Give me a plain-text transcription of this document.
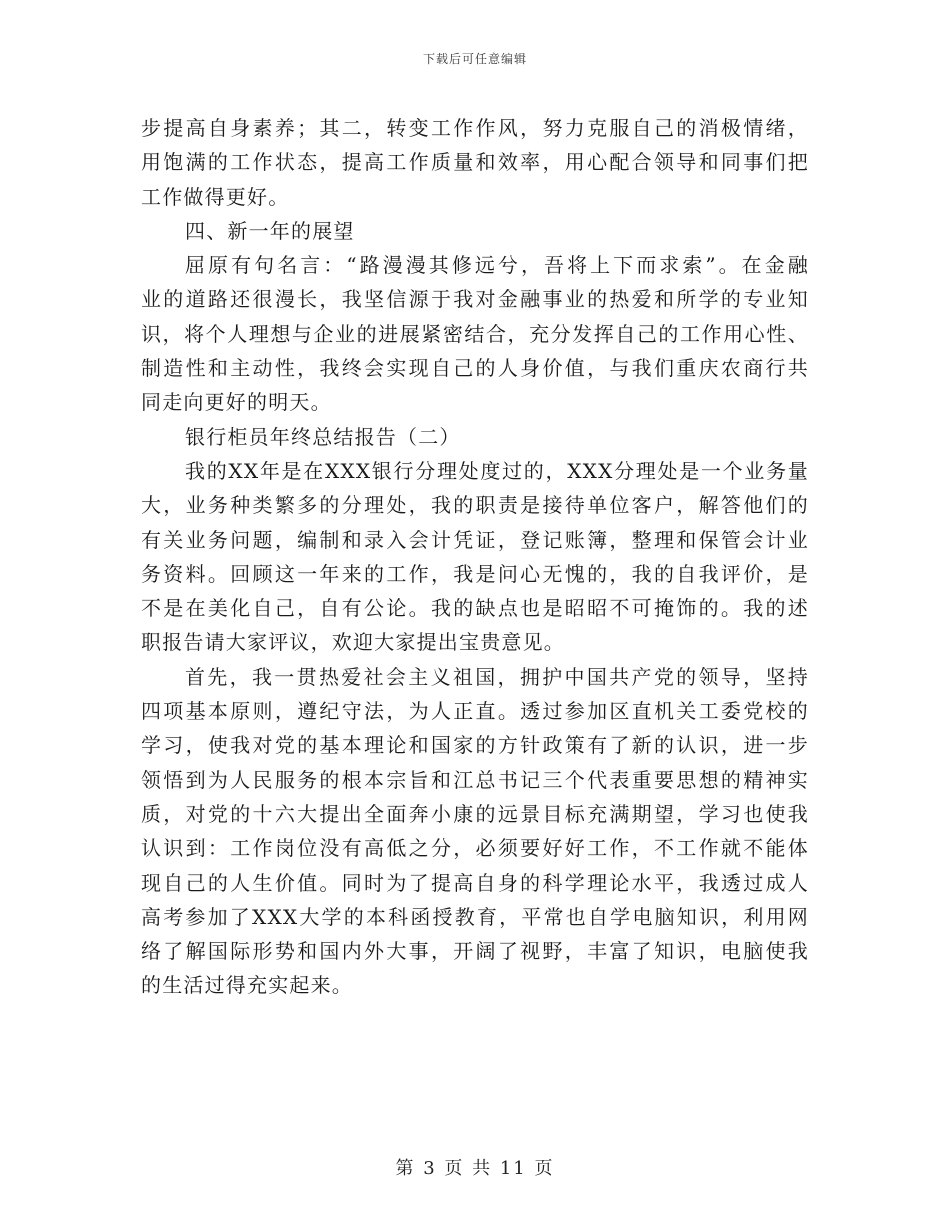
下载后可任意编辑
步提高自身素养；其二，转变工作作风，努力克服自己的消极情绪，
用饱满的工作状态，提高工作质量和效率，用心配合领导和同事们把
工作做得更好。
四、新一年的展望
屈原有句名言：“路漫漫其修远兮，吾将上下而求索”。在金融
业的道路还很漫长，我坚信源于我对金融事业的热爱和所学的专业知
识，将个人理想与企业的进展紧密结合，充分发挥自己的工作用心性、
制造性和主动性，我终会实现自己的人身价值，与我们重庆农商行共
同走向更好的明天。
银行柜员年终总结报告（二）
我的XX年是在XXX银行分理处度过的，XXX分理处是一个业务量
大，业务种类繁多的分理处，我的职责是接待单位客户，解答他们的
有关业务问题，编制和录入会计凭证，登记账簿，整理和保管会计业
务资料。回顾这一年来的工作，我是问心无愧的，我的自我评价，是
不是在美化自己，自有公论。我的缺点也是昭昭不可掩饰的。我的述
职报告请大家评议，欢迎大家提出宝贵意见。
首先，我一贯热爱社会主义祖国，拥护中国共产党的领导，坚持
四项基本原则，遵纪守法，为人正直。透过参加区直机关工委党校的
学习，使我对党的基本理论和国家的方针政策有了新的认识，进一步
领悟到为人民服务的根本宗旨和江总书记三个代表重要思想的精神实
质，对党的十六大提出全面奔小康的远景目标充满期望，学习也使我
认识到：工作岗位没有高低之分，必须要好好工作，不工作就不能体
现自己的人生价值。同时为了提高自身的科学理论水平，我透过成人
高考参加了XXX大学的本科函授教育，平常也自学电脑知识，利用网
络了解国际形势和国内外大事，开阔了视野，丰富了知识，电脑使我
的生活过得充实起来。
第 3 页 共 11 页
